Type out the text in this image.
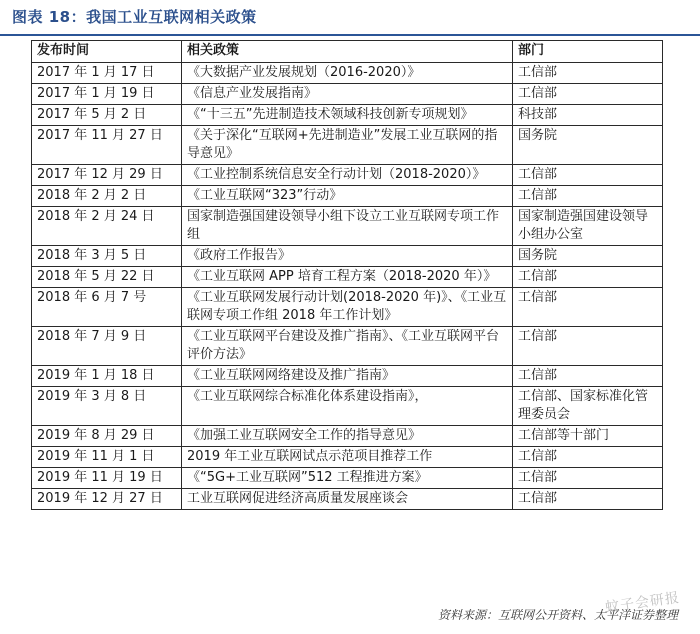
图表 18：我国工业互联网相关政策
发布时间	相关政策	部门
2017 年 1 月 17 日	《大数据产业发展规划（2016-2020）》	工信部
2017 年 1 月 19 日	《信息产业发展指南》	工信部
2017 年 5 月 2 日	《“十三五”先进制造技术领域科技创新专项规划》	科技部
2017 年 11 月 27 日	《关于深化“互联网+先进制造业”发展工业互联网的指导意见》	国务院
2017 年 12 月 29 日	《工业控制系统信息安全行动计划（2018-2020）》	工信部
2018 年 2 月 2 日	《工业互联网“323”行动》	工信部
2018 年 2 月 24 日	国家制造强国建设领导小组下设立工业互联网专项工作组	国家制造强国建设领导小组办公室
2018 年 3 月 5 日	《政府工作报告》	国务院
2018 年 5 月 22 日	《工业互联网 APP 培育工程方案（2018-2020 年）》	工信部
2018 年 6 月 7 号	《工业互联网发展行动计划(2018-2020 年)》、《工业互联网专项工作组 2018 年工作计划》	工信部
2018 年 7 月 9 日	《工业互联网平台建设及推广指南》、《工业互联网平台评价方法》	工信部
2019 年 1 月 18 日	《工业互联网网络建设及推广指南》	工信部
2019 年 3 月 8 日	《工业互联网综合标准化体系建设指南》，	工信部、国家标准化管理委员会
2019 年 8 月 29 日	《加强工业互联网安全工作的指导意见》	工信部等十部门
2019 年 11 月 1 日	2019 年工业互联网试点示范项目推荐工作	工信部
2019 年 11 月 19 日	《“5G+工业互联网”512 工程推进方案》	工信部
2019 年 12 月 27 日	工业互联网促进经济高质量发展座谈会	工信部
蚊子会研报
资料来源：互联网公开资料、太平洋证券整理
